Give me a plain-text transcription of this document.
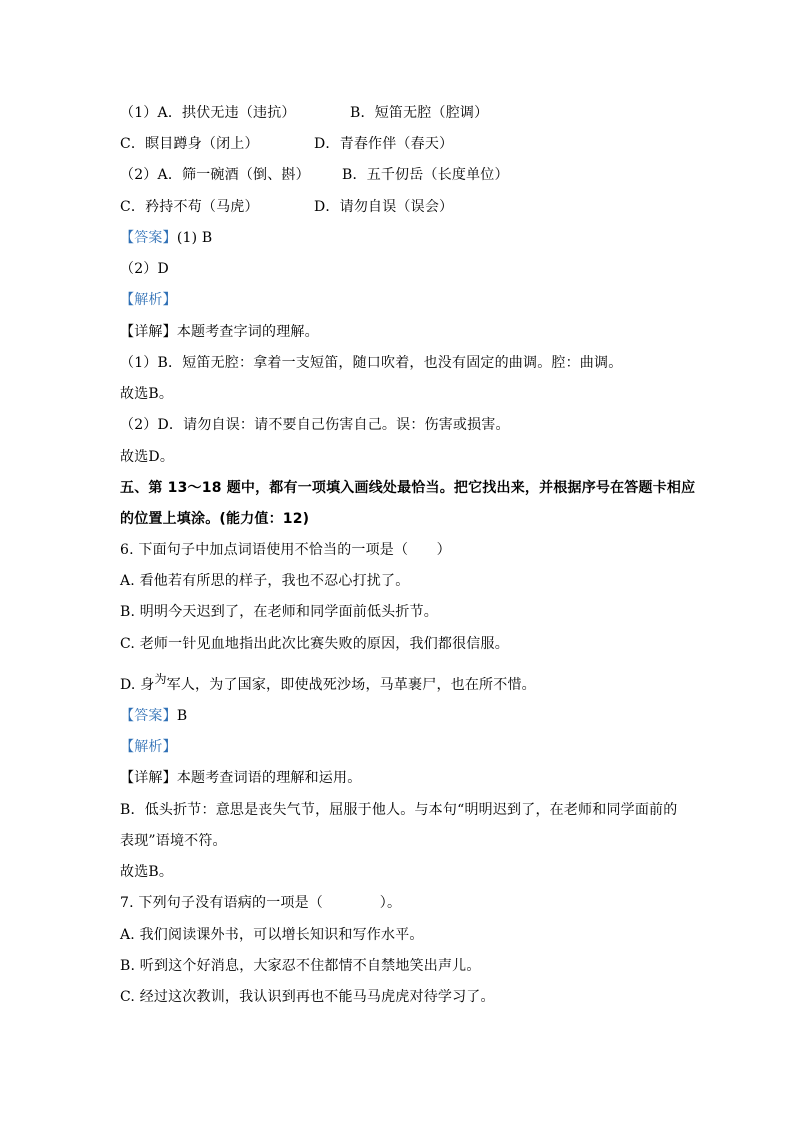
（1）A．拱伏无违（违抗）	B．短笛无腔（腔调）
C．瞑目蹲身（闭上）	D．青春作伴（春天）
（2）A．筛一碗酒（倒、斟） B．五千仞岳（长度单位）
C．矜持不苟（马虎）	D．请勿自误（误会）
【答案】(1) B
（2）D
【解析】
【详解】本题考查字词的理解。
（1）B．短笛无腔：拿着一支短笛，随口吹着，也没有固定的曲调。腔：曲调。
故选B。
（2）D．请勿自误：请不要自己伤害自己。误：伤害或损害。
故选D。
五、第 13～18 题中，都有一项填入画线处最恰当。把它找出来，并根据序号在答题卡相应
的位置上填涂。(能力值：12)
6. 下面句子中加点词语使用不恰当的一项是（　　）
A. 看他若有所思的样子，我也不忍心打扰了。
B. 明明今天迟到了，在老师和同学面前低头折节。
C. 老师一针见血地指出此次比赛失败的原因，我们都很信服。
D. 身为军人，为了国家，即使战死沙场，马革裹尸，也在所不惜。
【答案】B
【解析】
【详解】本题考查词语的理解和运用。
B．低头折节：意思是丧失气节，屈服于他人。与本句“明明迟到了，在老师和同学面前的
表现”语境不符。
故选B。
7. 下列句子没有语病的一项是（　　　　）。
A. 我们阅读课外书，可以增长知识和写作水平。
B. 听到这个好消息，大家忍不住都情不自禁地笑出声儿。
C. 经过这次教训，我认识到再也不能马马虎虎对待学习了。
